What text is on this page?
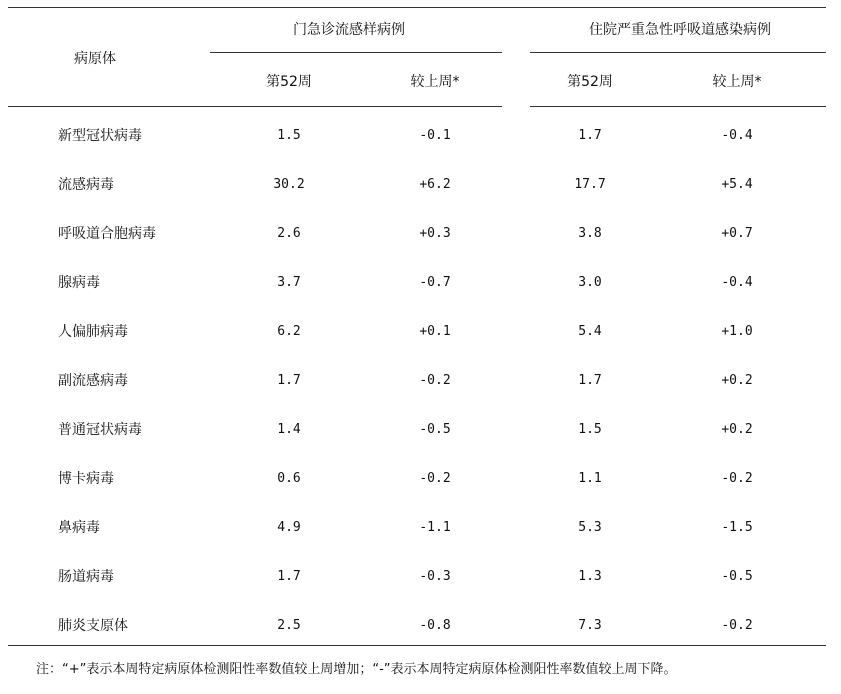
病原体
门急诊流感样病例	住院严重急性呼吸道感染病例
第52周	较上周*	第52周	较上周*
新型冠状病毒	1.5	-0.1	1.7	-0.4
流感病毒	30.2	+6.2	17.7	+5.4
呼吸道合胞病毒	2.6	+0.3	3.8	+0.7
腺病毒	3.7	-0.7	3.0	-0.4
人偏肺病毒	6.2	+0.1	5.4	+1.0
副流感病毒	1.7	-0.2	1.7	+0.2
普通冠状病毒	1.4	-0.5	1.5	+0.2
博卡病毒	0.6	-0.2	1.1	-0.2
鼻病毒	4.9	-1.1	5.3	-1.5
肠道病毒	1.7	-0.3	1.3	-0.5
肺炎支原体	2.5	-0.8	7.3	-0.2
注：“+”表示本周特定病原体检测阳性率数值较上周增加；“-”表示本周特定病原体检测阳性率数值较上周下降。
